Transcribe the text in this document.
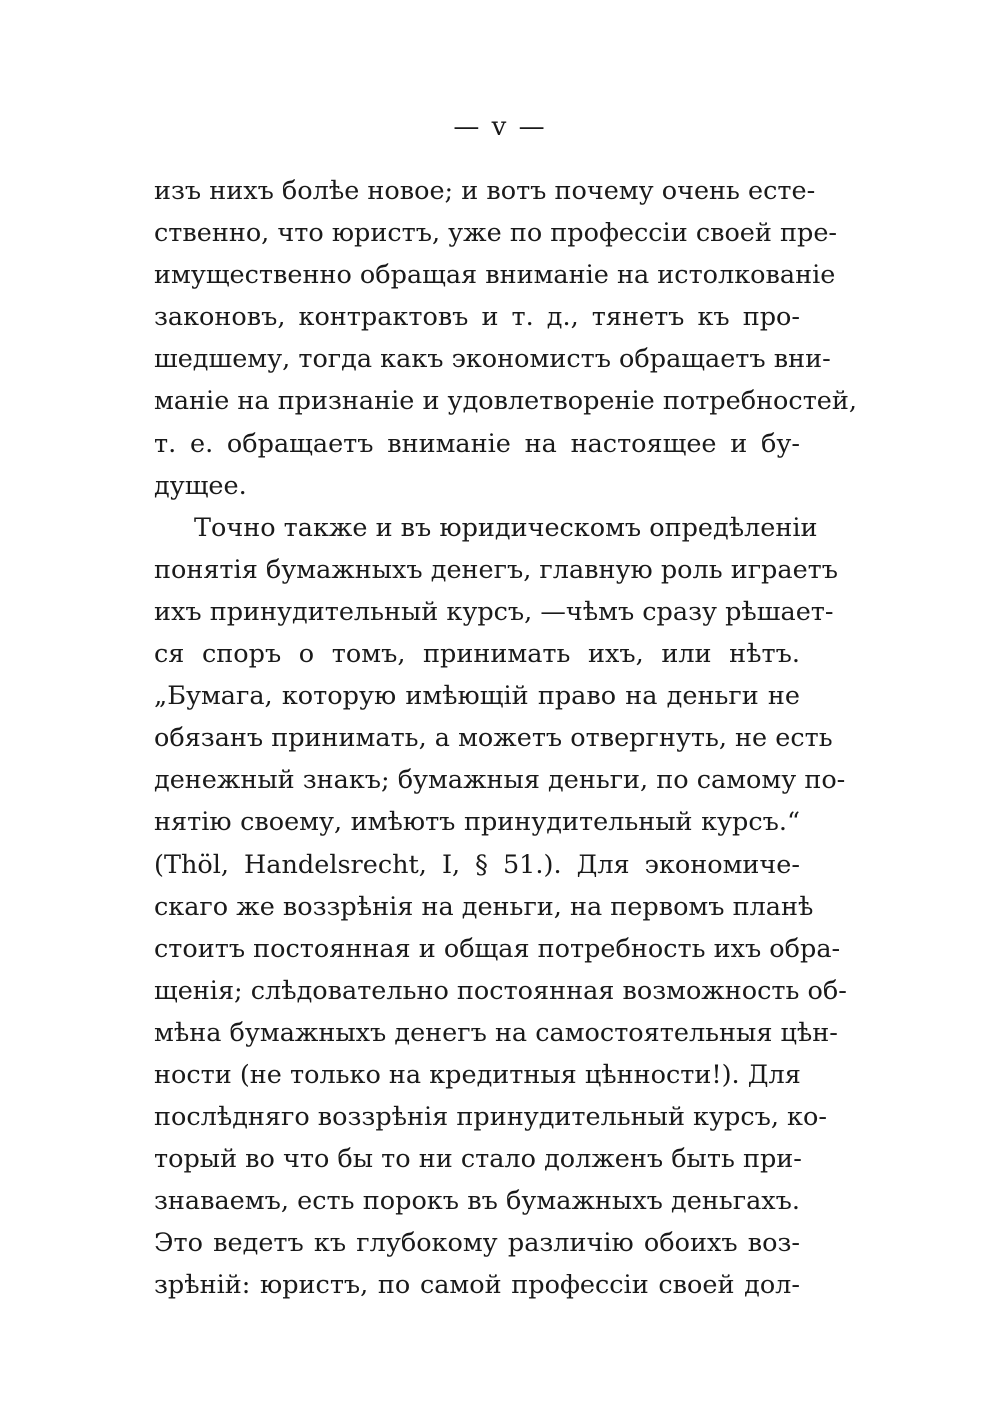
— v —
изъ нихъ болѣе новое; и вотъ почему очень есте-
ственно, что юристъ, уже по профессіи своей пре-
имущественно обращая вниманіе на истолкованіе
законовъ, контрактовъ и т. д., тянетъ къ про-
шедшему, тогда какъ экономистъ обращаетъ вни-
маніе на признаніе и удовлетвореніе потребностей,
т. е. обращаетъ вниманіе на настоящее и бу-
дущее.
Точно также и въ юридическомъ опредѣленіи
понятія бумажныхъ денегъ, главную роль играетъ
ихъ принудительный курсъ, —чѣмъ сразу рѣшает-
ся споръ о томъ, принимать ихъ, или нѣтъ.
„Бумага, которую имѣющій право на деньги не
обязанъ принимать, а можетъ отвергнуть, не есть
денежный знакъ; бумажныя деньги, по самому по-
нятію своему, имѣютъ принудительный курсъ.“
(Thöl, Handelsrecht, I, § 51.). Для экономиче-
скаго же воззрѣнія на деньги, на первомъ планѣ
стоитъ постоянная и общая потребность ихъ обра-
щенія; слѣдовательно постоянная возможность об-
мѣна бумажныхъ денегъ на самостоятельныя цѣн-
ности (не только на кредитныя цѣнности!). Для
послѣдняго воззрѣнія принудительный курсъ, ко-
торый во что бы то ни стало долженъ быть при-
знаваемъ, есть порокъ въ бумажныхъ деньгахъ.
Это ведетъ къ глубокому различію обоихъ воз-
зрѣній: юристъ, по самой профессіи своей дол-
